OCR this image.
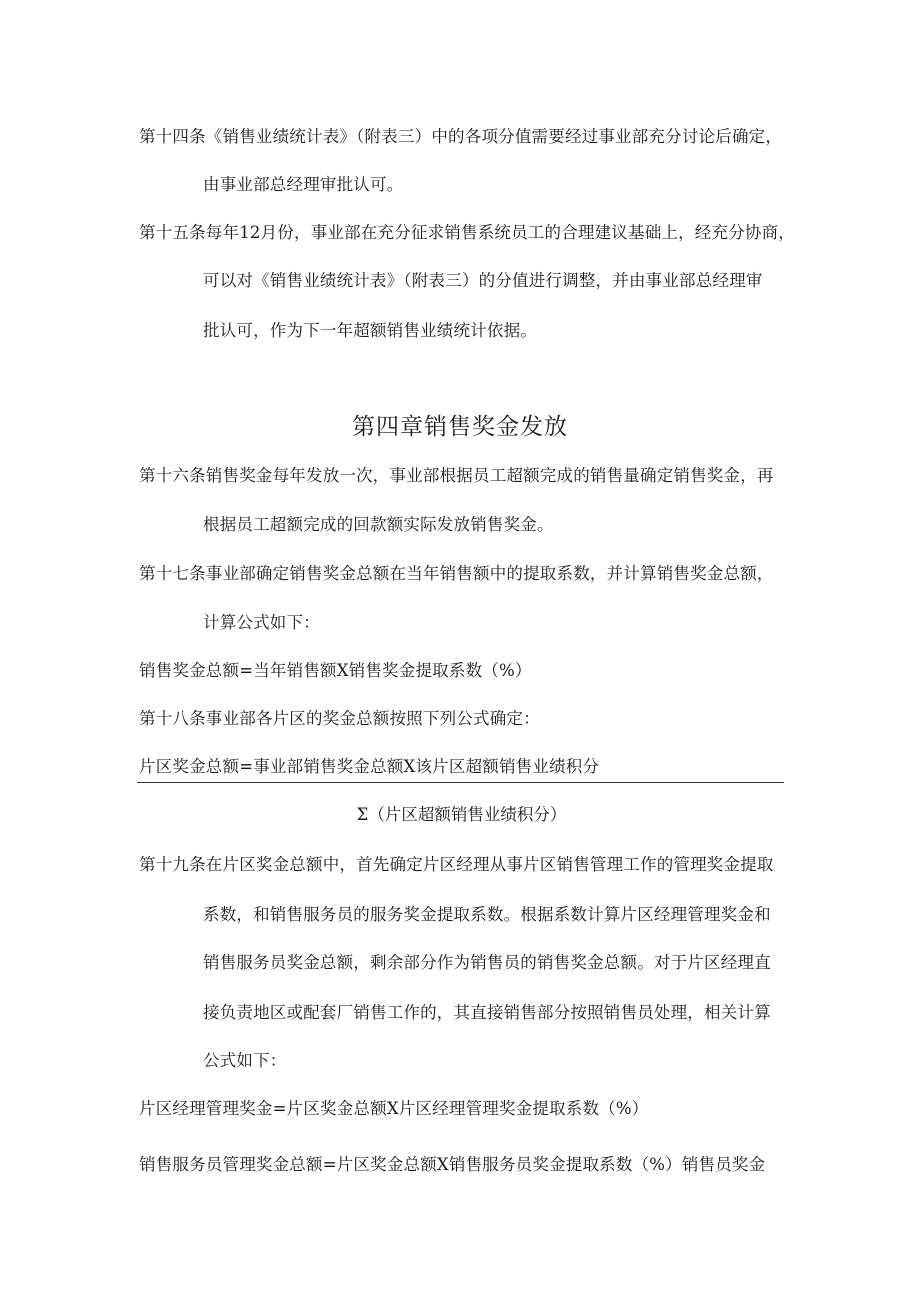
第十四条《销售业绩统计表》（附表三）中的各项分值需要经过事业部充分讨论后确定，
由事业部总经理审批认可。
第十五条每年12月份，事业部在充分征求销售系统员工的合理建议基础上，经充分协商，
可以对《销售业绩统计表》（附表三）的分值进行调整，并由事业部总经理审
批认可，作为下一年超额销售业绩统计依据。
第四章销售奖金发放
第十六条销售奖金每年发放一次，事业部根据员工超额完成的销售量确定销售奖金，再
根据员工超额完成的回款额实际发放销售奖金。
第十七条事业部确定销售奖金总额在当年销售额中的提取系数，并计算销售奖金总额，
计算公式如下：
销售奖金总额=当年销售额X销售奖金提取系数（%）
第十八条事业部各片区的奖金总额按照下列公式确定：
片区奖金总额=事业部销售奖金总额X该片区超额销售业绩积分
Σ（片区超额销售业绩积分）
第十九条在片区奖金总额中，首先确定片区经理从事片区销售管理工作的管理奖金提取
系数，和销售服务员的服务奖金提取系数。根据系数计算片区经理管理奖金和
销售服务员奖金总额，剩余部分作为销售员的销售奖金总额。对于片区经理直
接负责地区或配套厂销售工作的，其直接销售部分按照销售员处理，相关计算
公式如下：
片区经理管理奖金=片区奖金总额X片区经理管理奖金提取系数（%）
销售服务员管理奖金总额=片区奖金总额X销售服务员奖金提取系数（%）销售员奖金
